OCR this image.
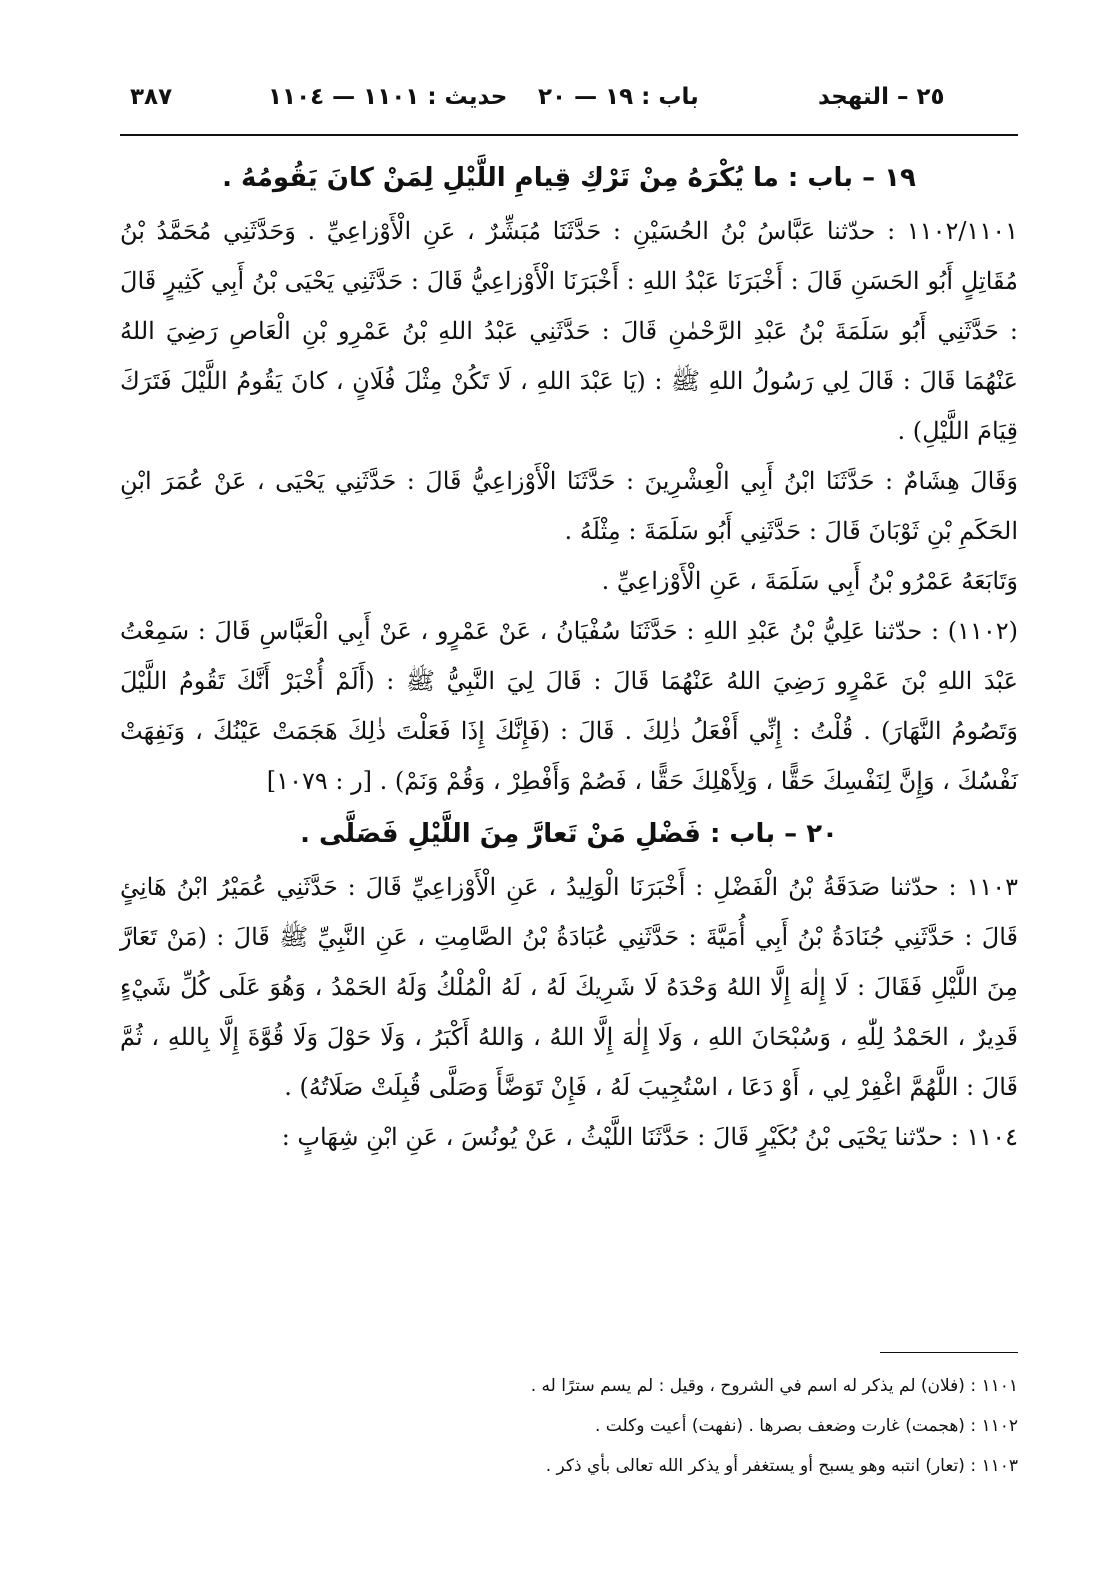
٣٨٧	حديث : ١١٠١ — ١١٠٤ باب : ١٩ — ٢٠	٢٥ – التهجد
١٩ – باب : ما يُكْرَهُ مِنْ تَرْكِ قِيامِ اللَّيْلِ لِمَنْ كانَ يَقُومُهُ .

١١٠٢/١١٠١ : حدّثنا عَبَّاسُ بْنُ الحُسَيْنِ : حَدَّثَنَا مُبَشِّرٌ ، عَنِ الْأَوْزاعِيِّ . وَحَدَّثَنِي مُحَمَّدُ بْنُ مُقَاتِلٍ أَبُو الحَسَنِ قَالَ : أَخْبَرَنَا عَبْدُ اللهِ : أَخْبَرَنَا الْأَوْزاعِيُّ قَالَ : حَدَّثَنِي يَحْيَى بْنُ أَبِي كَثِيرٍ قَالَ : حَدَّثَنِي أَبُو سَلَمَةَ بْنُ عَبْدِ الرَّحْمٰنِ قَالَ : حَدَّثَنِي عَبْدُ اللهِ بْنُ عَمْرِو بْنِ الْعَاصِ رَضِيَ اللهُ عَنْهُمَا قَالَ : قَالَ لِي رَسُولُ اللهِ ﷺ : (يَا عَبْدَ اللهِ ، لَا تَكُنْ مِثْلَ فُلَانٍ ، كانَ يَقُومُ اللَّيْلَ فَتَرَكَ قِيَامَ اللَّيْلِ) .

وَقَالَ هِشَامٌ : حَدَّثَنَا ابْنُ أَبِي الْعِشْرِينَ : حَدَّثَنَا الْأَوْزاعِيُّ قَالَ : حَدَّثَنِي يَحْيَى ، عَنْ عُمَرَ ابْنِ الحَكَمِ بْنِ ثَوْبَانَ قَالَ : حَدَّثَنِي أَبُو سَلَمَةَ : مِثْلَهُ .

وَتَابَعَهُ عَمْرُو بْنُ أَبِي سَلَمَةَ ، عَنِ الْأَوْزاعِيِّ .

(١١٠٢) : حدّثنا عَلِيُّ بْنُ عَبْدِ اللهِ : حَدَّثَنَا سُفْيَانُ ، عَنْ عَمْرٍو ، عَنْ أَبِي الْعَبَّاسِ قَالَ : سَمِعْتُ عَبْدَ اللهِ بْنَ عَمْرٍو رَضِيَ اللهُ عَنْهُمَا قَالَ : قَالَ لِيَ النَّبِيُّ ﷺ : (أَلَمْ أُخْبَرْ أَنَّكَ تَقُومُ اللَّيْلَ وَتَصُومُ النَّهَارَ) . قُلْتُ : إِنِّي أَفْعَلُ ذٰلِكَ . قَالَ : (فَإِنَّكَ إِذَا فَعَلْتَ ذٰلِكَ هَجَمَتْ عَيْنُكَ ، وَنَفِهَتْ نَفْسُكَ ، وَإِنَّ لِنَفْسِكَ حَقًّا ، وَلِأَهْلِكَ حَقًّا ، فَصُمْ وَأَفْطِرْ ، وَقُمْ وَنَمْ) . [ر : ١٠٧٩]

٢٠ – باب : فَضْلِ مَنْ تَعارَّ مِنَ اللَّيْلِ فَصَلَّى .

١١٠٣ : حدّثنا صَدَقَةُ بْنُ الْفَضْلِ : أَخْبَرَنَا الْوَلِيدُ ، عَنِ الْأَوْزاعِيِّ قَالَ : حَدَّثَنِي عُمَيْرُ ابْنُ هَانِئٍ قَالَ : حَدَّثَنِي جُنَادَةُ بْنُ أَبِي أُمَيَّةَ : حَدَّثَنِي عُبَادَةُ بْنُ الصَّامِتِ ، عَنِ النَّبِيِّ ﷺ قَالَ : (مَنْ تَعَارَّ مِنَ اللَّيْلِ فَقَالَ : لَا إِلٰهَ إِلَّا اللهُ وَحْدَهُ لَا شَرِيكَ لَهُ ، لَهُ الْمُلْكُ وَلَهُ الحَمْدُ ، وَهُوَ عَلَى كُلِّ شَيْءٍ قَدِيرٌ ، الحَمْدُ لِلّٰهِ ، وَسُبْحَانَ اللهِ ، وَلَا إِلٰهَ إِلَّا اللهُ ، وَاللهُ أَكْبَرُ ، وَلَا حَوْلَ وَلَا قُوَّةَ إِلَّا بِاللهِ ، ثُمَّ قَالَ : اللَّهُمَّ اغْفِرْ لِي ، أَوْ دَعَا ، اسْتُجِيبَ لَهُ ، فَإِنْ تَوَضَّأَ وَصَلَّى قُبِلَتْ صَلَاتُهُ) .

١١٠٤ : حدّثنا يَحْيَى بْنُ بُكَيْرٍ قَالَ : حَدَّثَنَا اللَّيْثُ ، عَنْ يُونُسَ ، عَنِ ابْنِ شِهَابٍ :

١١٠١ : (فلان) لم يذكر له اسم في الشروح ، وقيل : لم يسم سترًا له .
١١٠٢ : (هجمت) غارت وضعف بصرها . (نفهت) أعيت وكلت .
١١٠٣ : (تعار) انتبه وهو يسبح أو يستغفر أو يذكر الله تعالى بأي ذكر .
